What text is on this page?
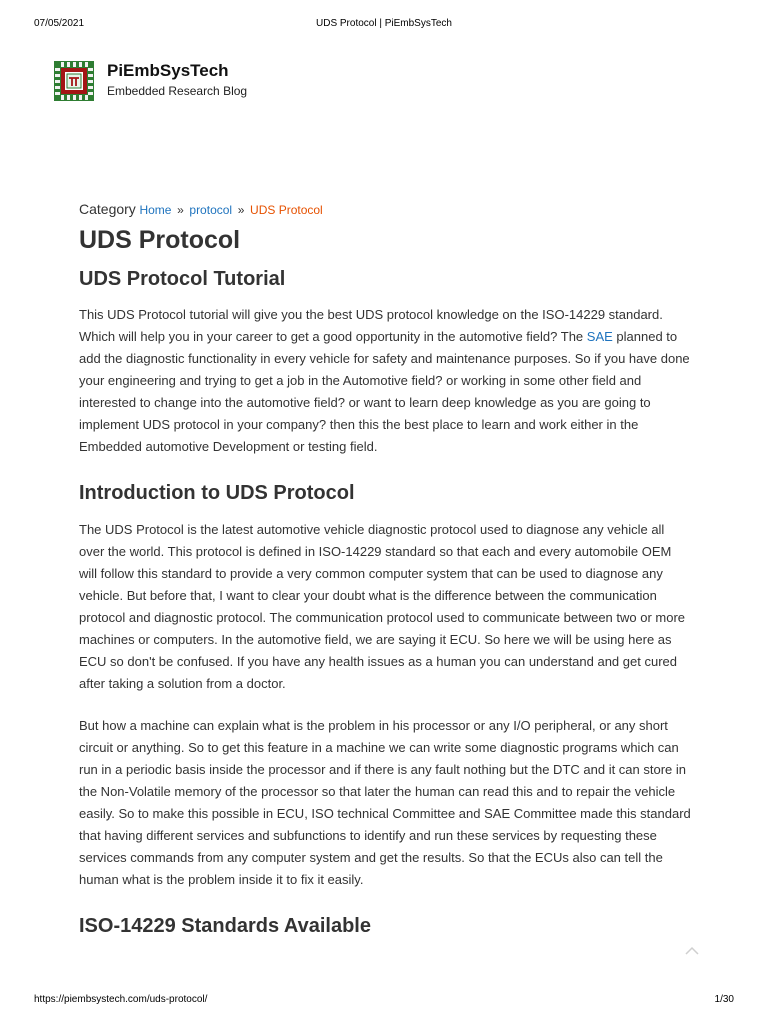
07/05/2021	UDS Protocol | PiEmbSysTech
PiEmbSysTech
Embedded Research Blog
Category Home » protocol » UDS Protocol
UDS Protocol
UDS Protocol Tutorial

This UDS Protocol tutorial will give you the best UDS protocol knowledge on the ISO-14229 standard. Which will help you in your career to get a good opportunity in the automotive field? The SAE planned to add the diagnostic functionality in every vehicle for safety and maintenance purposes. So if you have done your engineering and trying to get a job in the Automotive field? or working in some other field and interested to change into the automotive field? or want to learn deep knowledge as you are going to implement UDS protocol in your company? then this the best place to learn and work either in the Embedded automotive Development or testing field.

Introduction to UDS Protocol

The UDS Protocol is the latest automotive vehicle diagnostic protocol used to diagnose any vehicle all over the world. This protocol is defined in ISO-14229 standard so that each and every automobile OEM will follow this standard to provide a very common computer system that can be used to diagnose any vehicle. But before that, I want to clear your doubt what is the difference between the communication protocol and diagnostic protocol. The communication protocol used to communicate between two or more machines or computers. In the automotive field, we are saying it ECU. So here we will be using here as ECU so don't be confused. If you have any health issues as a human you can understand and get cured after taking a solution from a doctor.

But how a machine can explain what is the problem in his processor or any I/O peripheral, or any short circuit or anything. So to get this feature in a machine we can write some diagnostic programs which can run in a periodic basis inside the processor and if there is any fault nothing but the DTC and it can store in the Non-Volatile memory of the processor so that later the human can read this and to repair the vehicle easily. So to make this possible in ECU, ISO technical Committee and SAE Committee made this standard that having different services and subfunctions to identify and run these services by requesting these services commands from any computer system and get the results. So that the ECUs also can tell the human what is the problem inside it to fix it easily.

ISO-14229 Standards Available
https://piembsystech.com/uds-protocol/	1/30
